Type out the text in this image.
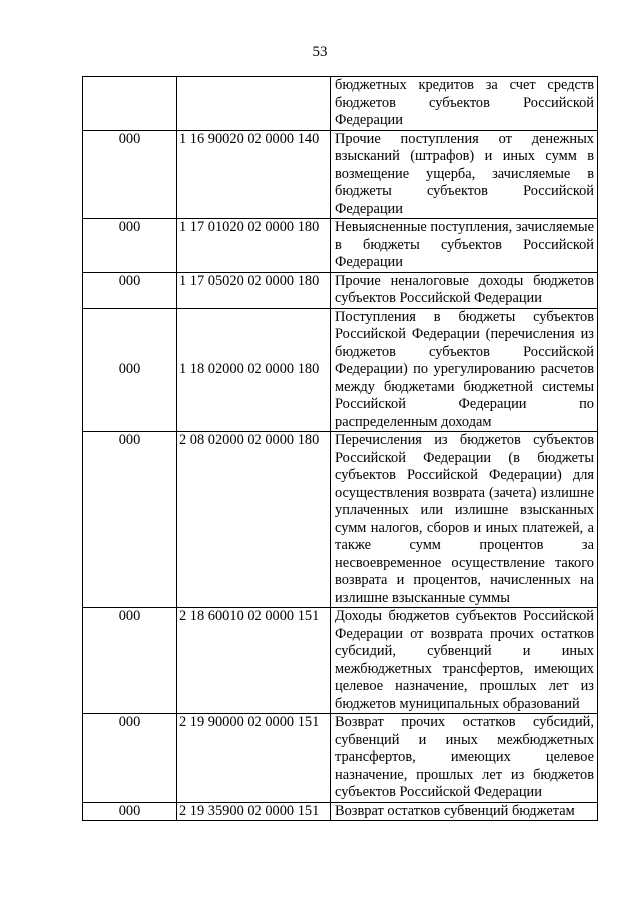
53
		бюджетных кредитов за счет средств бюджетов субъектов Российской Федерации
000	1 16 90020 02 0000 140	Прочие поступления от денежных взысканий (штрафов) и иных сумм в возмещение ущерба, зачисляемые в бюджеты субъектов Российской Федерации
000	1 17 01020 02 0000 180	Невыясненные поступления, зачисляемые в бюджеты субъектов Российской Федерации
000	1 17 05020 02 0000 180	Прочие неналоговые доходы бюджетов субъектов Российской Федерации
000	1 18 02000 02 0000 180	Поступления в бюджеты субъектов Российской Федерации (перечисления из бюджетов субъектов Российской Федерации) по урегулированию расчетов между бюджетами бюджетной системы Российской Федерации по распределенным доходам
000	2 08 02000 02 0000 180	Перечисления из бюджетов субъектов Российской Федерации (в бюджеты субъектов Российской Федерации) для осуществления возврата (зачета) излишне уплаченных или излишне взысканных сумм налогов, сборов и иных платежей, а также сумм процентов за несвоевременное осуществление такого возврата и процентов, начисленных на излишне взысканные суммы
000	2 18 60010 02 0000 151	Доходы бюджетов субъектов Российской Федерации от возврата прочих остатков субсидий, субвенций и иных межбюджетных трансфертов, имеющих целевое назначение, прошлых лет из бюджетов муниципальных образований
000	2 19 90000 02 0000 151	Возврат прочих остатков субсидий, субвенций и иных межбюджетных трансфертов, имеющих целевое назначение, прошлых лет из бюджетов субъектов Российской Федерации
000	2 19 35900 02 0000 151	Возврат остатков субвенций бюджетам
